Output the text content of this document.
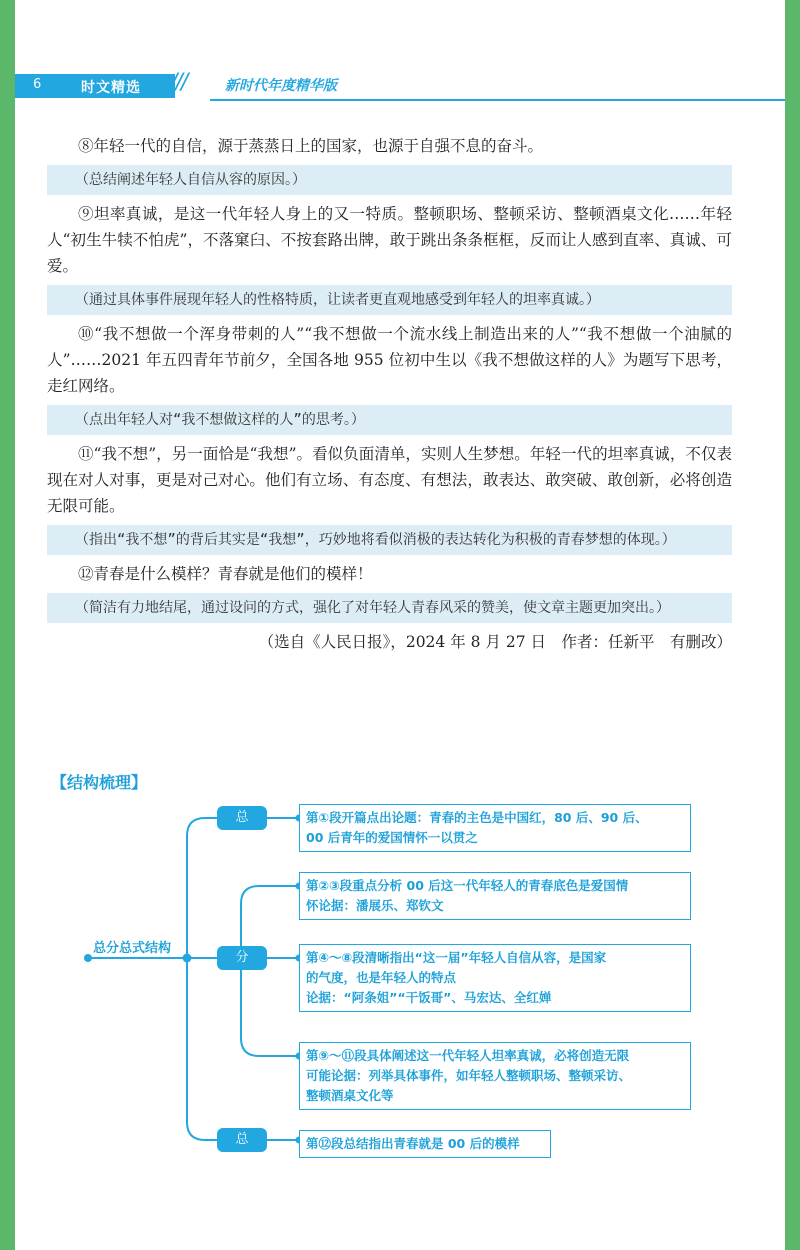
6	时文精选 ///	新时代年度精华版

⑧年轻一代的自信，源于蒸蒸日上的国家，也源于自强不息的奋斗。

（总结阐述年轻人自信从容的原因。）

⑨坦率真诚，是这一代年轻人身上的又一特质。整顿职场、整顿采访、整顿酒桌文化……年轻人“初生牛犊不怕虎”，不落窠臼、不按套路出牌，敢于跳出条条框框，反而让人感到直率、真诚、可爱。

（通过具体事件展现年轻人的性格特质，让读者更直观地感受到年轻人的坦率真诚。）

⑩“我不想做一个浑身带刺的人”“我不想做一个流水线上制造出来的人”“我不想做一个油腻的人”……2021 年五四青年节前夕，全国各地 955 位初中生以《我不想做这样的人》为题写下思考，走红网络。

（点出年轻人对“我不想做这样的人”的思考。）

⑪“我不想”，另一面恰是“我想”。看似负面清单，实则人生梦想。年轻一代的坦率真诚，不仅表现在对人对事，更是对己对心。他们有立场、有态度、有想法，敢表达、敢突破、敢创新，必将创造无限可能。

（指出“我不想”的背后其实是“我想”，巧妙地将看似消极的表达转化为积极的青春梦想的体现。）

⑫青春是什么模样？青春就是他们的模样！

（简洁有力地结尾，通过设问的方式，强化了对年轻人青春风采的赞美，使文章主题更加突出。）
（选自《人民日报》，2024 年 8 月 27 日　作者：任新平　有删改）
【结构梳理】
总分总式结构
总
分
总
第①段开篇点出论题：青春的主色是中国红，80 后、90 后、
00 后青年的爱国情怀一以贯之
第②③段重点分析 00 后这一代年轻人的青春底色是爱国情
怀论据：潘展乐、郑钦文
第④～⑧段清晰指出“这一届”年轻人自信从容，是国家
的气度，也是年轻人的特点
论据：“阿条姐”“干饭哥”、马宏达、全红婵
第⑨～⑪段具体阐述这一代年轻人坦率真诚，必将创造无限
可能论据：列举具体事件，如年轻人整顿职场、整顿采访、
整顿酒桌文化等
第⑫段总结指出青春就是 00 后的模样
